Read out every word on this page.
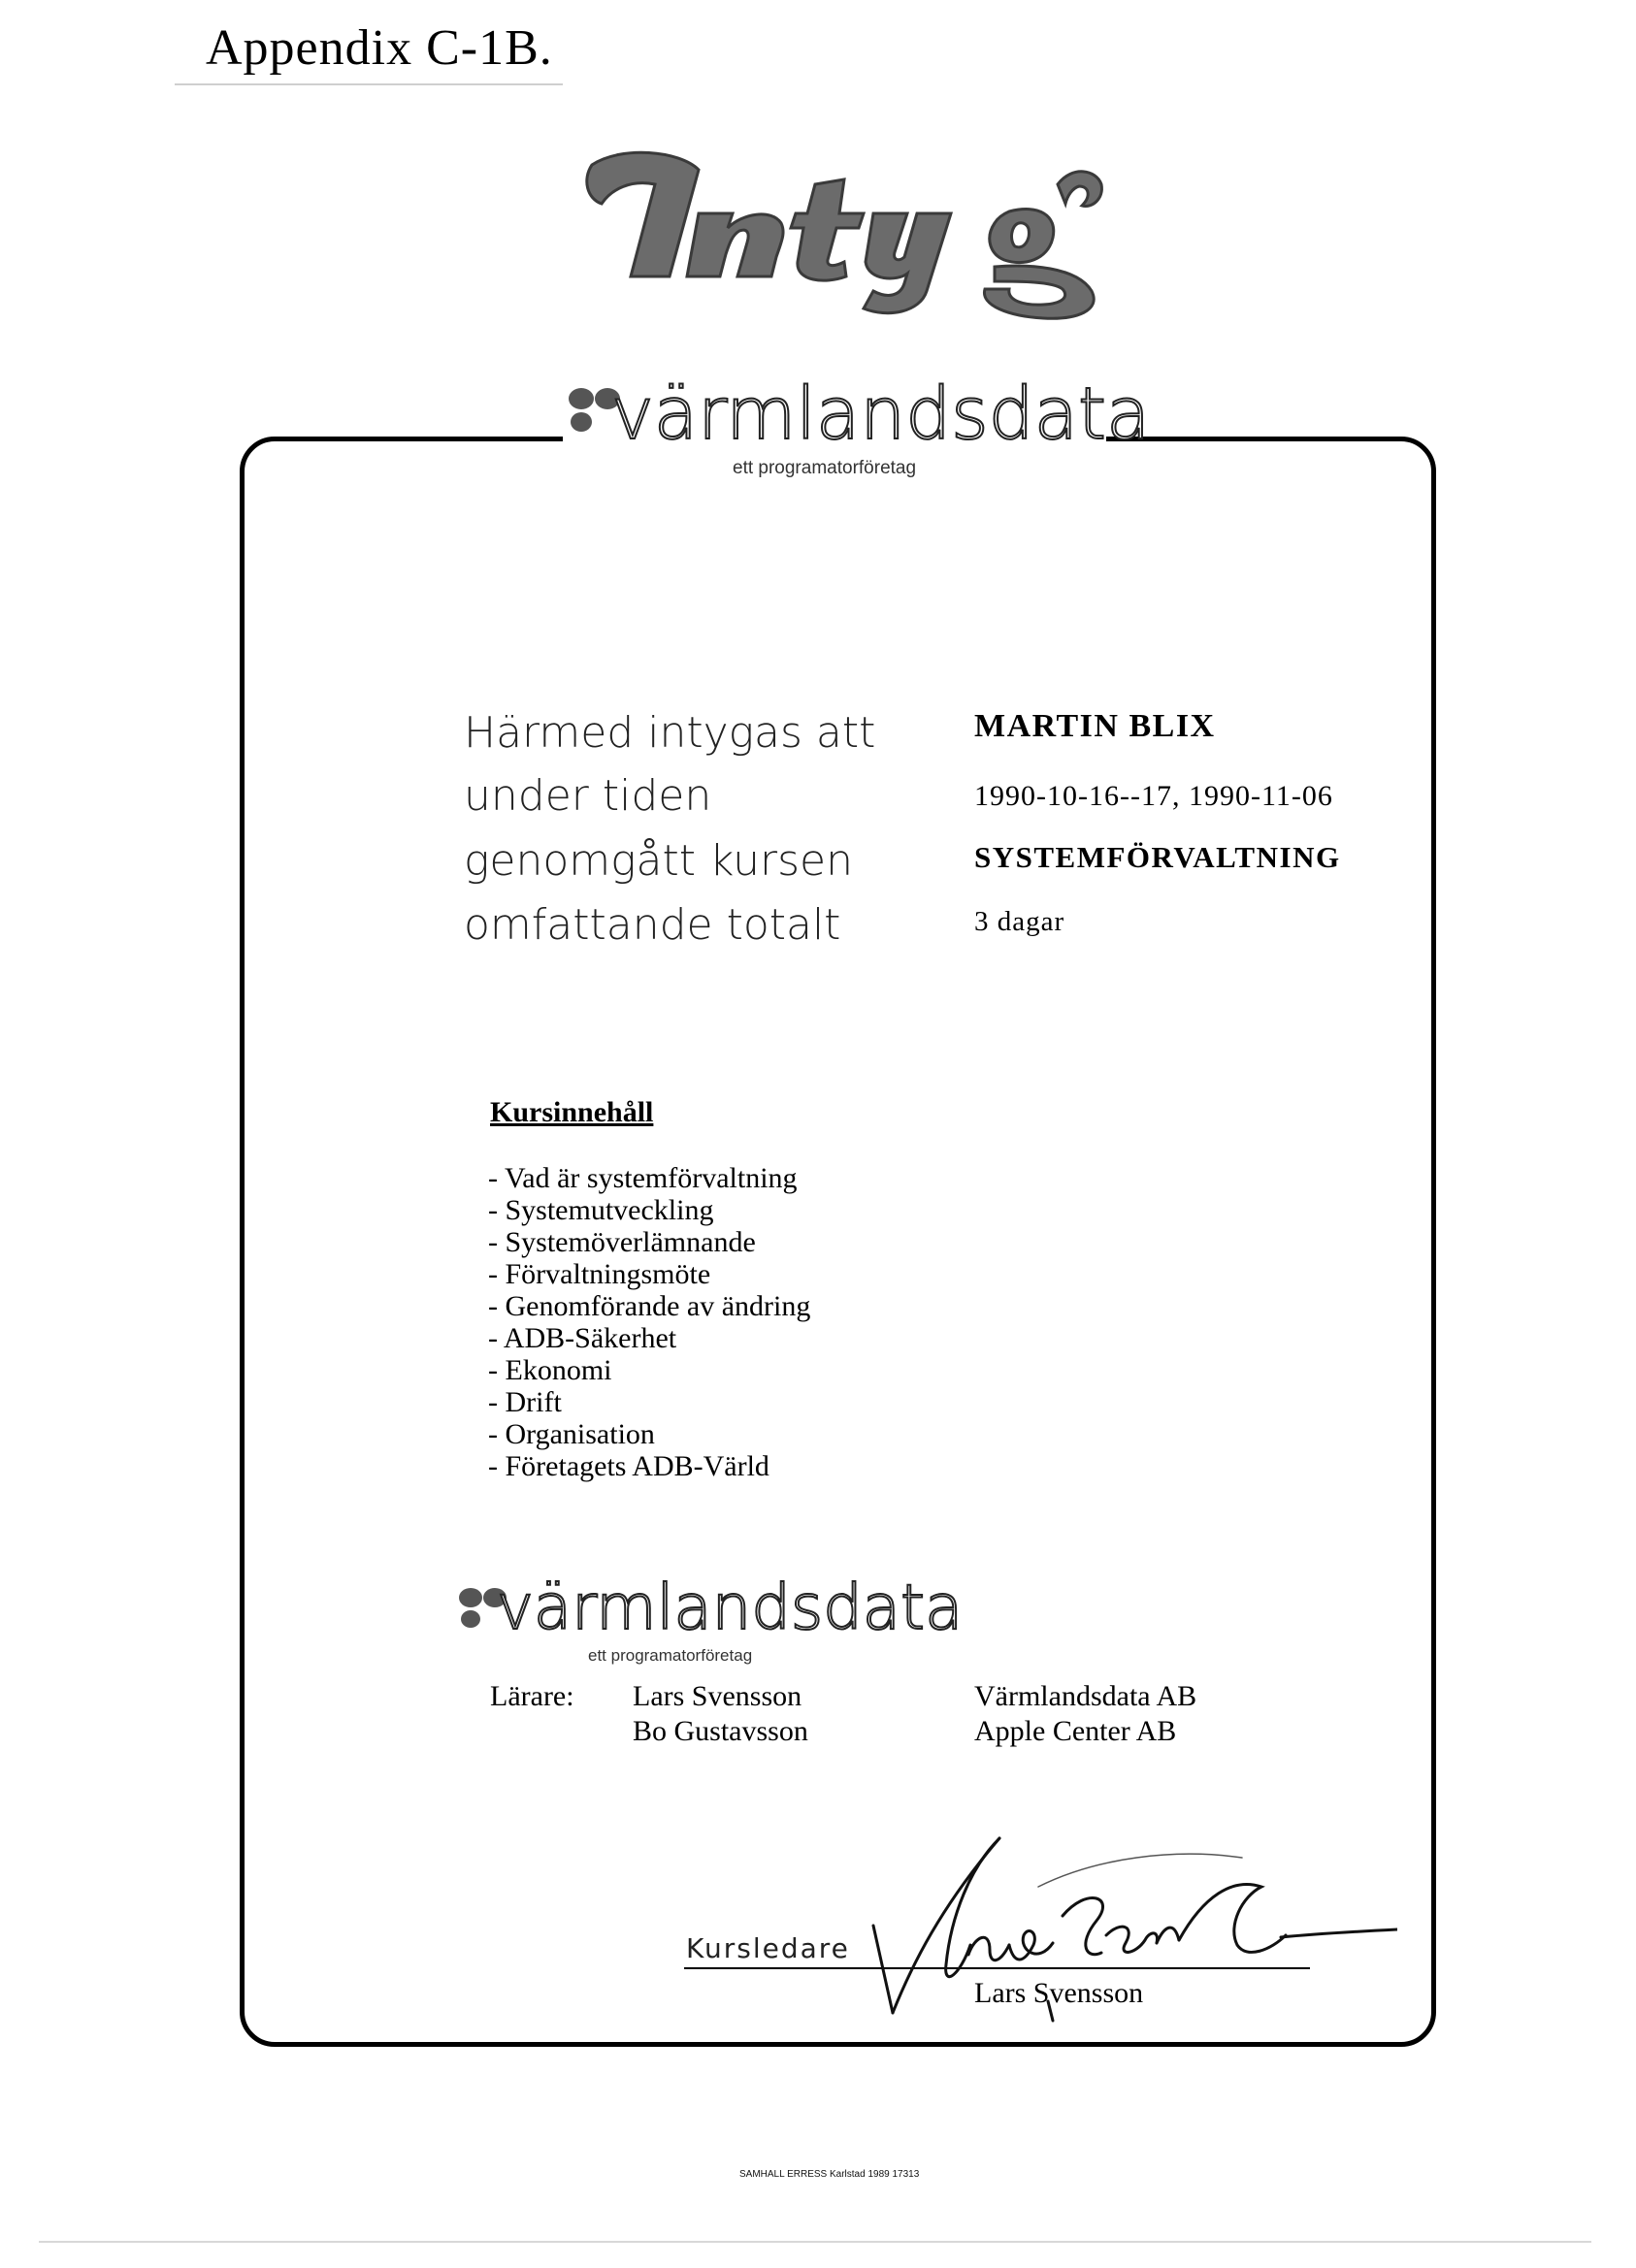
Appendix C-1B.
värmlandsdata
ett programatorföretag
Härmed intygas att
under tiden
genomgått kursen
omfattande totalt
MARTIN BLIX
1990-10-16--17, 1990-11-06
SYSTEMFÖRVALTNING
3 dagar
Kursinnehåll
- Vad är systemförvaltning
- Systemutveckling
- Systemöverlämnande
- Förvaltningsmöte
- Genomförande av ändring
- ADB-Säkerhet
- Ekonomi
- Drift
- Organisation
- Företagets ADB-Värld
värmlandsdata
ett programatorföretag
Lärare: Lars Svensson
Bo Gustavsson
Värmlandsdata AB
Apple Center AB
Kursledare
Lars Svensson
SAMHALL ERRESS Karlstad 1989 17313
